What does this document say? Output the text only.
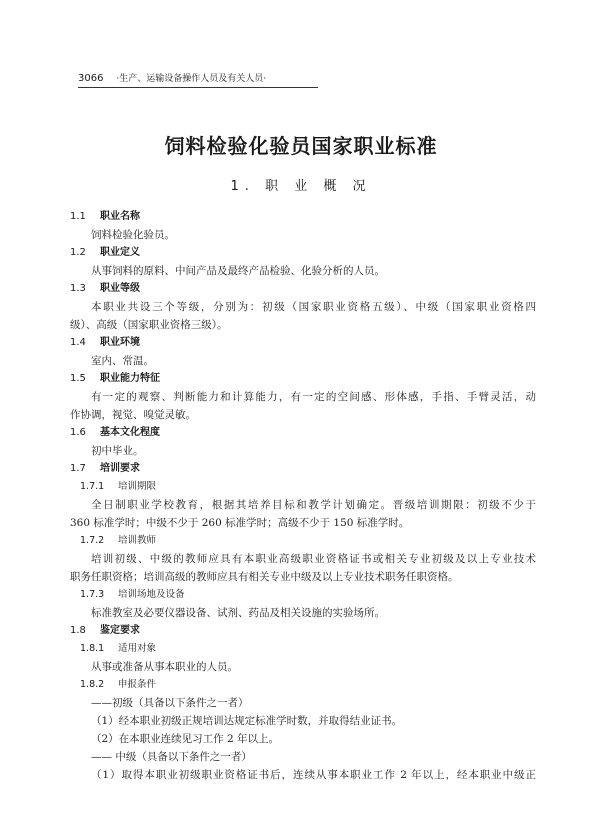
3066 ·生产、运输设备操作人员及有关人员·
饲料检验化验员国家职业标准
1. 职 业 概 况
1.1 职业名称
饲料检验化验员。
1.2 职业定义
从事饲料的原料、中间产品及最终产品检验、化验分析的人员。
1.3 职业等级
本职业共设三个等级，分别为：初级（国家职业资格五级）、中级（国家职业资格四
级）、高级（国家职业资格三级）。
1.4 职业环境
室内、常温。
1.5 职业能力特征
有一定的观察、判断能力和计算能力，有一定的空间感、形体感，手指、手臂灵活，动
作协调，视觉、嗅觉灵敏。
1.6 基本文化程度
初中毕业。
1.7 培训要求
1.7.1 培训期限
全日制职业学校教育，根据其培养目标和教学计划确定。晋级培训期限：初级不少于
360 标准学时；中级不少于 260 标准学时；高级不少于 150 标准学时。
1.7.2 培训教师
培训初级、中级的教师应具有本职业高级职业资格证书或相关专业初级及以上专业技术
职务任职资格；培训高级的教师应具有相关专业中级及以上专业技术职务任职资格。
1.7.3 培训场地及设备
标准教室及必要仪器设备、试剂、药品及相关设施的实验场所。
1.8 鉴定要求
1.8.1 适用对象
从事或准备从事本职业的人员。
1.8.2 申报条件
——初级（具备以下条件之一者）
（1）经本职业初级正规培训达规定标准学时数，并取得结业证书。
（2）在本职业连续见习工作 2 年以上。
—— 中级（具备以下条件之一者）
（1）取得本职业初级职业资格证书后，连续从事本职业工作 2 年以上，经本职业中级正
